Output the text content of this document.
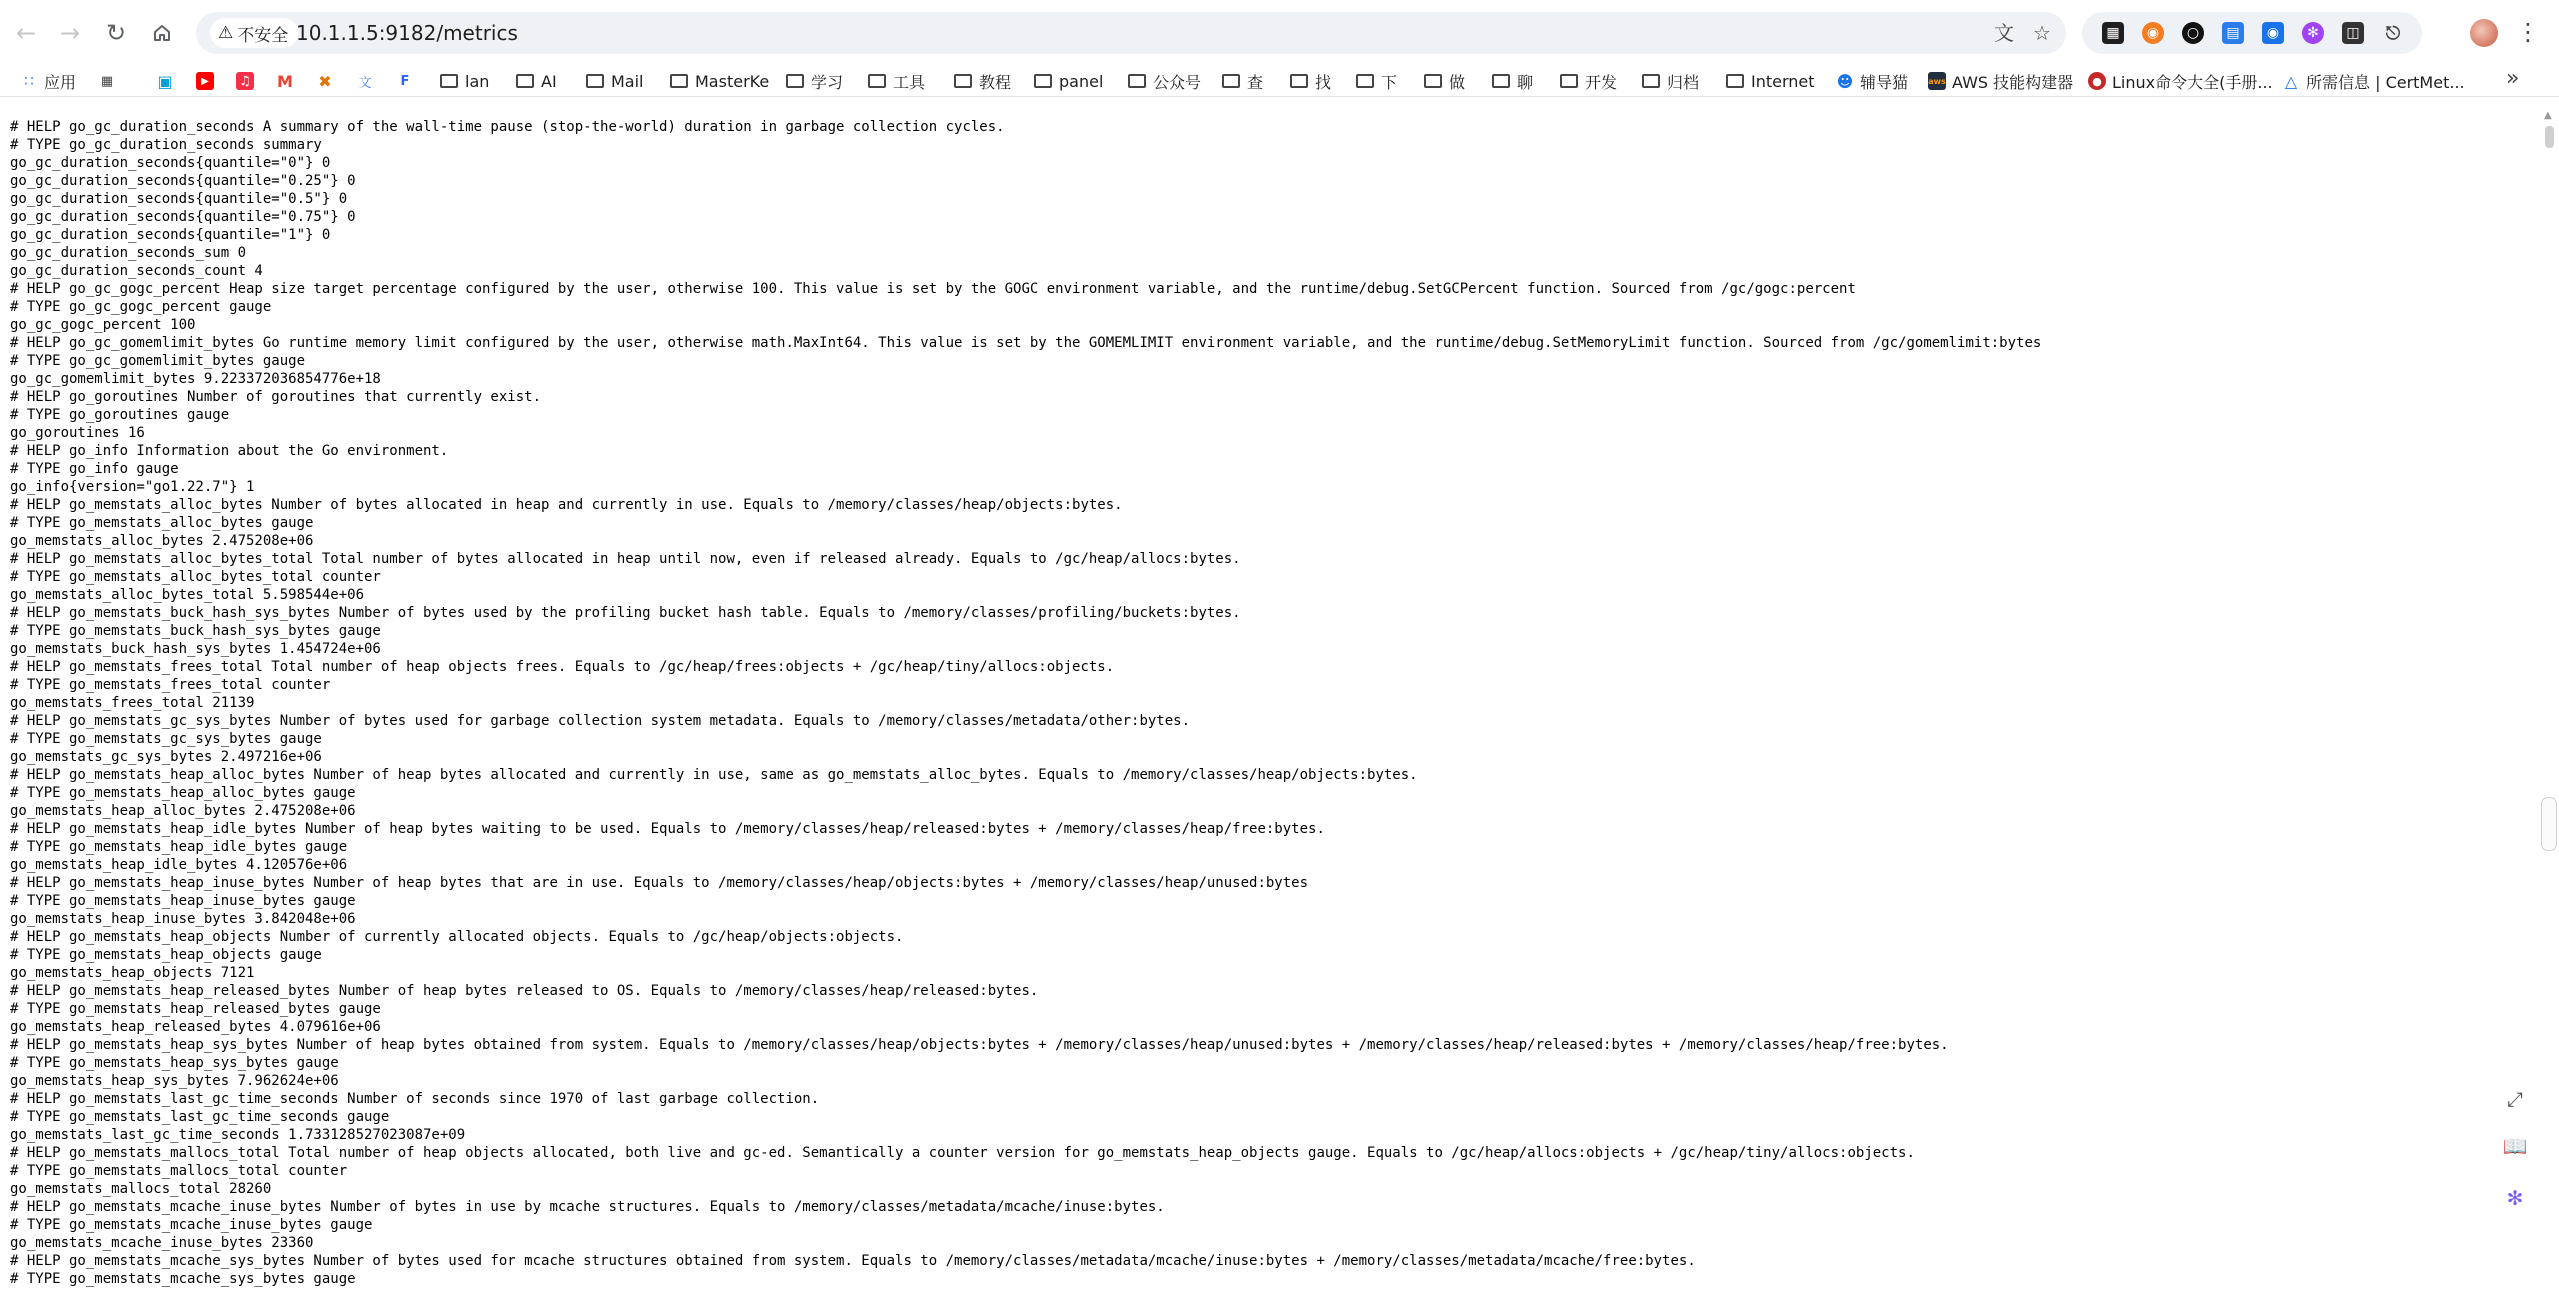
← → ↻	⚠ 不安全 10.1.1.5:9182/metrics	文 ☆	▦	◉	○	▤	◉	✻	◫ ⎋	⋮
∷ 应用 ▦	▣	▶	♫ M ✖ 文	F	lan	AI	Mail	MasterKe	学习	工具	教程	panel	公众号	查	找	下	做	聊	开发	归档	Internet ☻ 辅导猫	aws AWS 技能构建器	● Linux命令大全(手册... △ 所需信息 | CertMet... »
# HELP go_gc_duration_seconds A summary of the wall-time pause (stop-the-world) duration in garbage collection cycles.
# TYPE go_gc_duration_seconds summary
go_gc_duration_seconds{quantile="0"} 0
go_gc_duration_seconds{quantile="0.25"} 0
go_gc_duration_seconds{quantile="0.5"} 0
go_gc_duration_seconds{quantile="0.75"} 0
go_gc_duration_seconds{quantile="1"} 0
go_gc_duration_seconds_sum 0
go_gc_duration_seconds_count 4
# HELP go_gc_gogc_percent Heap size target percentage configured by the user, otherwise 100. This value is set by the GOGC environment variable, and the runtime/debug.SetGCPercent function. Sourced from /gc/gogc:percent
# TYPE go_gc_gogc_percent gauge
go_gc_gogc_percent 100
# HELP go_gc_gomemlimit_bytes Go runtime memory limit configured by the user, otherwise math.MaxInt64. This value is set by the GOMEMLIMIT environment variable, and the runtime/debug.SetMemoryLimit function. Sourced from /gc/gomemlimit:bytes
# TYPE go_gc_gomemlimit_bytes gauge
go_gc_gomemlimit_bytes 9.223372036854776e+18
# HELP go_goroutines Number of goroutines that currently exist.
# TYPE go_goroutines gauge
go_goroutines 16
# HELP go_info Information about the Go environment.
# TYPE go_info gauge
go_info{version="go1.22.7"} 1
# HELP go_memstats_alloc_bytes Number of bytes allocated in heap and currently in use. Equals to /memory/classes/heap/objects:bytes.
# TYPE go_memstats_alloc_bytes gauge
go_memstats_alloc_bytes 2.475208e+06
# HELP go_memstats_alloc_bytes_total Total number of bytes allocated in heap until now, even if released already. Equals to /gc/heap/allocs:bytes.
# TYPE go_memstats_alloc_bytes_total counter
go_memstats_alloc_bytes_total 5.598544e+06
# HELP go_memstats_buck_hash_sys_bytes Number of bytes used by the profiling bucket hash table. Equals to /memory/classes/profiling/buckets:bytes.
# TYPE go_memstats_buck_hash_sys_bytes gauge
go_memstats_buck_hash_sys_bytes 1.454724e+06
# HELP go_memstats_frees_total Total number of heap objects frees. Equals to /gc/heap/frees:objects + /gc/heap/tiny/allocs:objects.
# TYPE go_memstats_frees_total counter
go_memstats_frees_total 21139
# HELP go_memstats_gc_sys_bytes Number of bytes used for garbage collection system metadata. Equals to /memory/classes/metadata/other:bytes.
# TYPE go_memstats_gc_sys_bytes gauge
go_memstats_gc_sys_bytes 2.497216e+06
# HELP go_memstats_heap_alloc_bytes Number of heap bytes allocated and currently in use, same as go_memstats_alloc_bytes. Equals to /memory/classes/heap/objects:bytes.
# TYPE go_memstats_heap_alloc_bytes gauge
go_memstats_heap_alloc_bytes 2.475208e+06
# HELP go_memstats_heap_idle_bytes Number of heap bytes waiting to be used. Equals to /memory/classes/heap/released:bytes + /memory/classes/heap/free:bytes.
# TYPE go_memstats_heap_idle_bytes gauge
go_memstats_heap_idle_bytes 4.120576e+06
# HELP go_memstats_heap_inuse_bytes Number of heap bytes that are in use. Equals to /memory/classes/heap/objects:bytes + /memory/classes/heap/unused:bytes
# TYPE go_memstats_heap_inuse_bytes gauge
go_memstats_heap_inuse_bytes 3.842048e+06
# HELP go_memstats_heap_objects Number of currently allocated objects. Equals to /gc/heap/objects:objects.
# TYPE go_memstats_heap_objects gauge
go_memstats_heap_objects 7121
# HELP go_memstats_heap_released_bytes Number of heap bytes released to OS. Equals to /memory/classes/heap/released:bytes.
# TYPE go_memstats_heap_released_bytes gauge
go_memstats_heap_released_bytes 4.079616e+06
# HELP go_memstats_heap_sys_bytes Number of heap bytes obtained from system. Equals to /memory/classes/heap/objects:bytes + /memory/classes/heap/unused:bytes + /memory/classes/heap/released:bytes + /memory/classes/heap/free:bytes.
# TYPE go_memstats_heap_sys_bytes gauge
go_memstats_heap_sys_bytes 7.962624e+06
# HELP go_memstats_last_gc_time_seconds Number of seconds since 1970 of last garbage collection.
# TYPE go_memstats_last_gc_time_seconds gauge
go_memstats_last_gc_time_seconds 1.733128527023087e+09
# HELP go_memstats_mallocs_total Total number of heap objects allocated, both live and gc-ed. Semantically a counter version for go_memstats_heap_objects gauge. Equals to /gc/heap/allocs:objects + /gc/heap/tiny/allocs:objects.
# TYPE go_memstats_mallocs_total counter
go_memstats_mallocs_total 28260
# HELP go_memstats_mcache_inuse_bytes Number of bytes in use by mcache structures. Equals to /memory/classes/metadata/mcache/inuse:bytes.
# TYPE go_memstats_mcache_inuse_bytes gauge
go_memstats_mcache_inuse_bytes 23360
# HELP go_memstats_mcache_sys_bytes Number of bytes used for mcache structures obtained from system. Equals to /memory/classes/metadata/mcache/inuse:bytes + /memory/classes/metadata/mcache/free:bytes.
# TYPE go_memstats_mcache_sys_bytes gauge

▲
⤢
📖
✻
